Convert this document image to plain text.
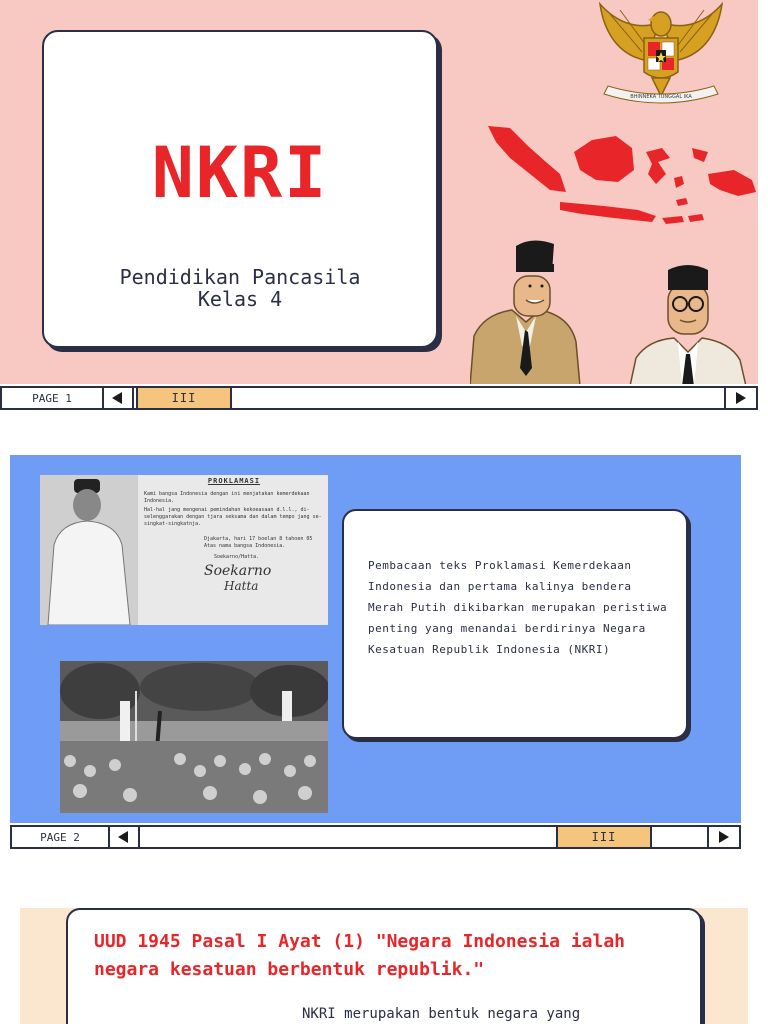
NKRI
Pendidikan Pancasila
Kelas 4
BHINNEKA TUNGGAL IKA
PAGE 1	III
PROKLAMASI
Kami bangsa Indonesia dengan ini menjatakan kemerdekaan Indonesia.
Hal-hal jang mengenai pemindahan kekoeasaan d.l.l., di-selenggarakan dengan tjara seksama dan dalam tempo jang se-singkat-singkatnja.
Djakarta, hari 17 boelan 8 tahoen 05
Atas nama bangsa Indonesia.
Soekarno/Hatta.
Soekarno
Hatta
Pembacaan teks Proklamasi Kemerdekaan Indonesia dan pertama kalinya bendera Merah Putih dikibarkan merupakan peristiwa penting yang menandai berdirinya Negara Kesatuan Republik Indonesia (NKRI)
PAGE 2	III
UUD 1945 Pasal I Ayat (1) "Negara Indonesia ialah negara kesatuan berbentuk republik."
NKRI merupakan bentuk negara yang
